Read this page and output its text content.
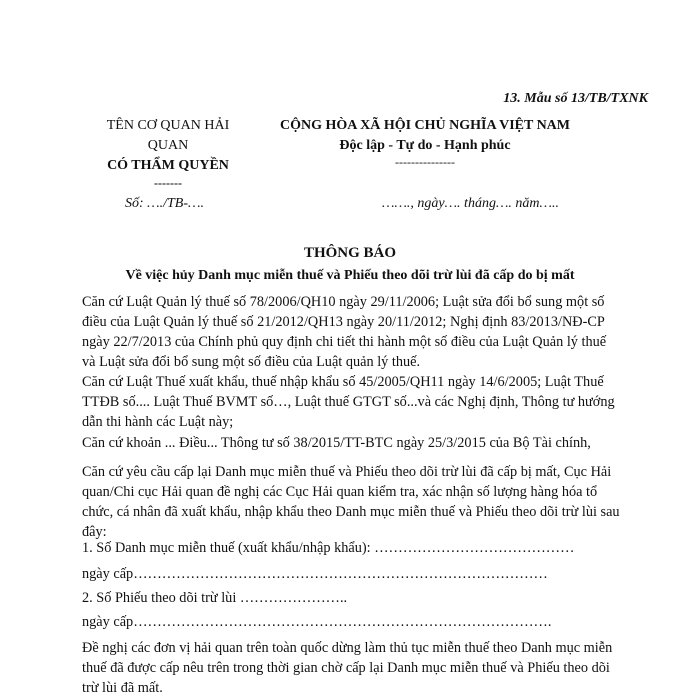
13. Mẫu số 13/TB/TXNK
TÊN CƠ QUAN HẢI
QUAN
CÓ THẨM QUYỀN
-------
CỘNG HÒA XÃ HỘI CHỦ NGHĨA VIỆT NAM
Độc lập - Tự do - Hạnh phúc
---------------
Số: …./TB-….	……., ngày…. tháng…. năm…..
THÔNG BÁO
Về việc hủy Danh mục miễn thuế và Phiếu theo dõi trừ lùi đã cấp do bị mất
Căn cứ Luật Quản lý thuế số 78/2006/QH10 ngày 29/11/2006; Luật sửa đổi bổ sung một số điều của Luật Quản lý thuế số 21/2012/QH13 ngày 20/11/2012; Nghị định 83/2013/NĐ-CP ngày 22/7/2013 của Chính phủ quy định chi tiết thi hành một số điều của Luật Quản lý thuế và Luật sửa đổi bổ sung một số điều của Luật quản lý thuế.
Căn cứ Luật Thuế xuất khẩu, thuế nhập khẩu số 45/2005/QH11 ngày 14/6/2005; Luật Thuế TTĐB số.... Luật Thuế BVMT số…, Luật thuế GTGT số...và các Nghị định, Thông tư hướng dẫn thi hành các Luật này;
Căn cứ khoản ... Điều... Thông tư số 38/2015/TT-BTC ngày 25/3/2015 của Bộ Tài chính,
Căn cứ yêu cầu cấp lại Danh mục miễn thuế và Phiếu theo dõi trừ lùi đã cấp bị mất, Cục Hải quan/Chi cục Hải quan đề nghị các Cục Hải quan kiểm tra, xác nhận số lượng hàng hóa tổ chức, cá nhân đã xuất khẩu, nhập khẩu theo Danh mục miễn thuế và Phiếu theo dõi trừ lùi sau đây:
1. Số Danh mục miễn thuế (xuất khẩu/nhập khẩu): ……………………………………
ngày cấp……………………………………………………………………………
2. Số Phiếu theo dõi trừ lùi …………………..
ngày cấp…………………………………………………………………………….
Đề nghị các đơn vị hải quan trên toàn quốc dừng làm thủ tục miễn thuế theo Danh mục miễn thuế đã được cấp nêu trên trong thời gian chờ cấp lại Danh mục miễn thuế và Phiếu theo dõi trừ lùi đã mất.
